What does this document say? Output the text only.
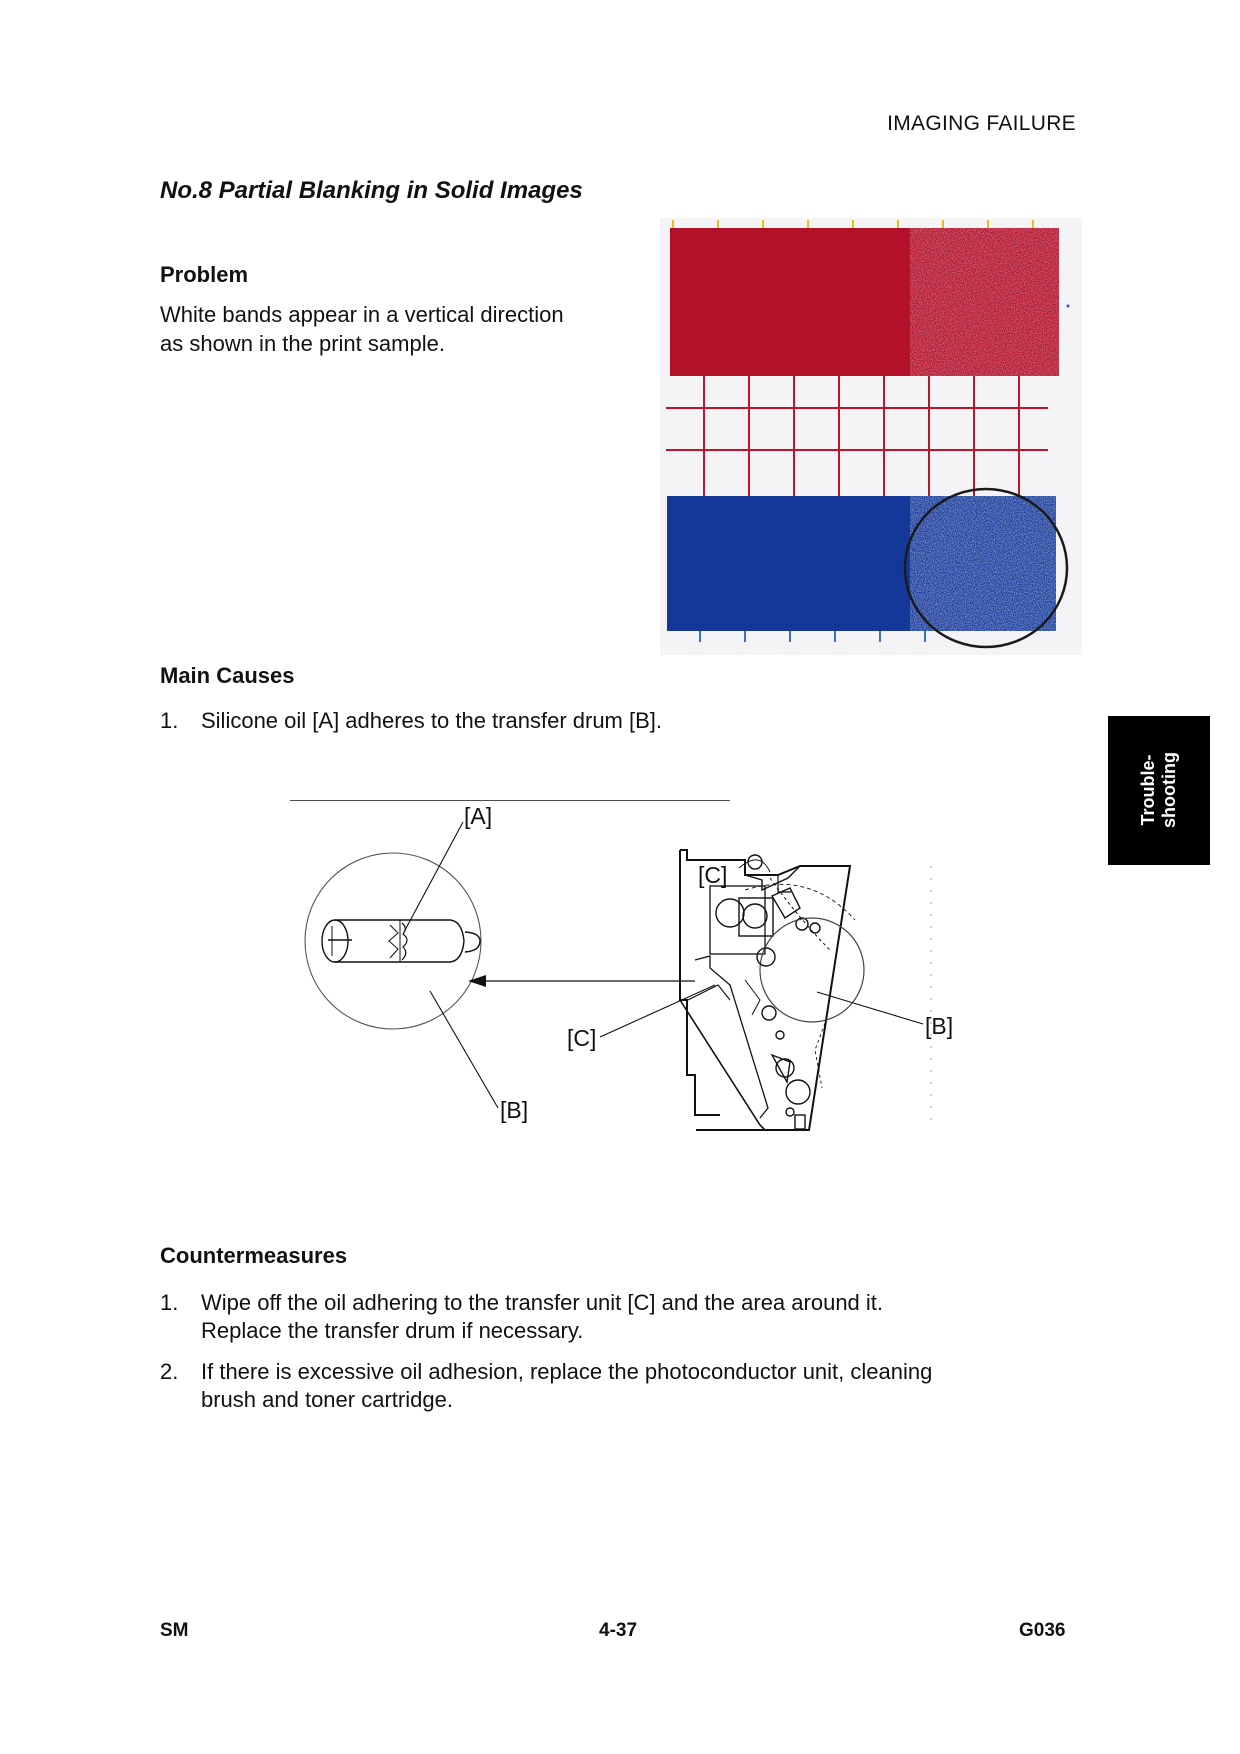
IMAGING FAILURE
No.8 Partial Blanking in Solid Images
Problem
White bands appear in a vertical direction
as shown in the print sample.
Main Causes
1. Silicone oil [A] adheres to the transfer drum [B].
[A]
[C]
[B]
[C]
[B]
Countermeasures
1. Wipe off the oil adhering to the transfer unit [C] and the area around it.
Replace the transfer drum if necessary.
2. If there is excessive oil adhesion, replace the photoconductor unit, cleaning
brush and toner cartridge.
Trouble- shooting
SM	4-37	G036
